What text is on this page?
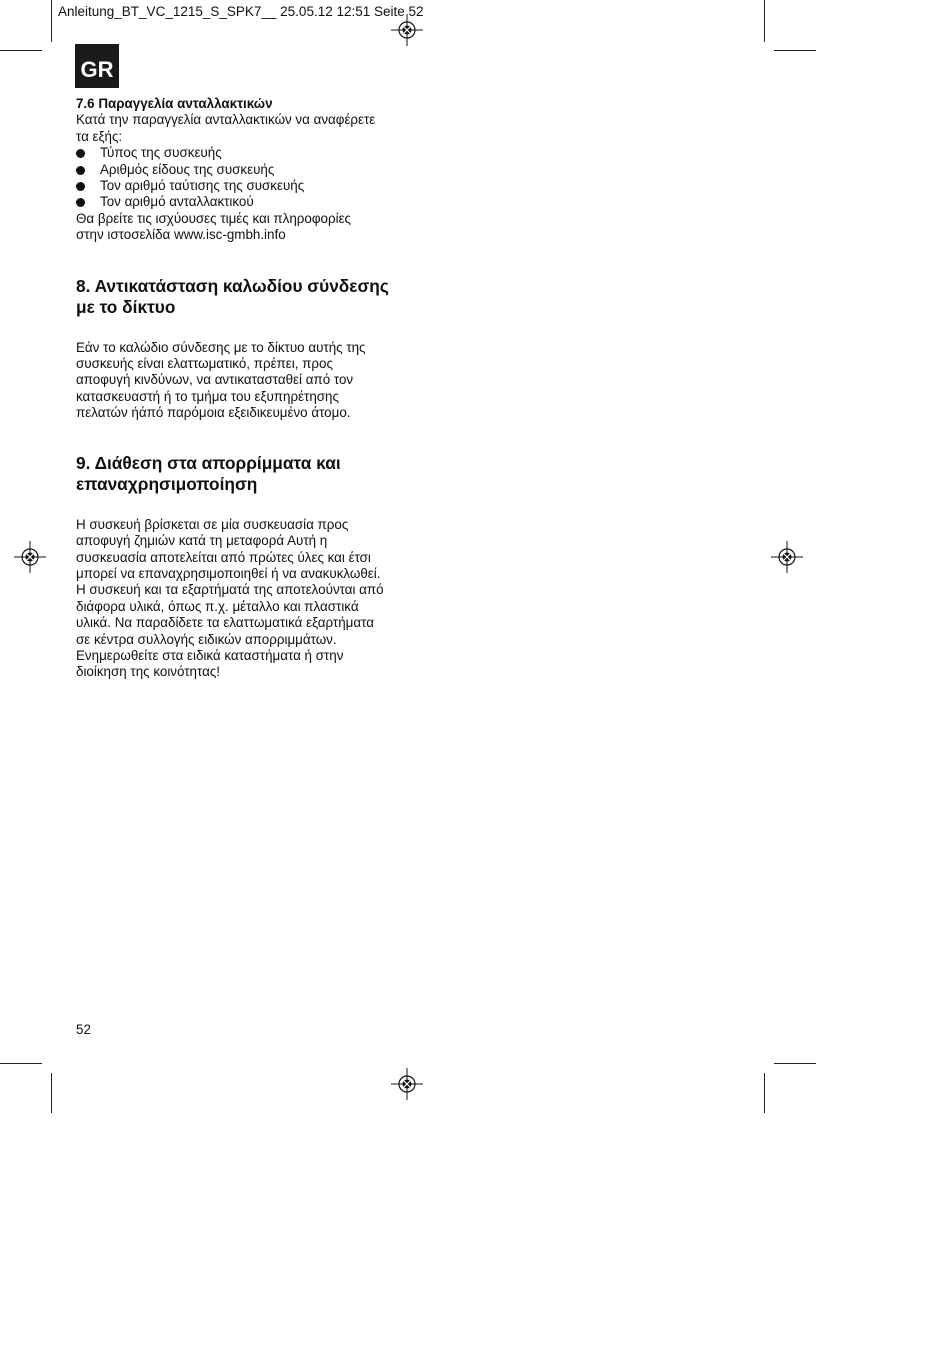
Anleitung_BT_VC_1215_S_SPK7__ 25.05.12 12:51 Seite 52
GR

7.6 Παραγγελία ανταλλακτικών

Κατά την παραγγελία ανταλλακτικών να αναφέρετε
τα εξής:

Τύπος της συσκευής
Αριθμός είδους της συσκευής
Τον αριθμό ταύτισης της συσκευής
Τον αριθμό ανταλλακτικού

Θα βρείτε τις ισχύουσες τιμές και πληροφορίες
στην ιστοσελίδα www.isc-gmbh.info

8. Αντικατάσταση καλωδίου σύνδεσης
με το δίκτυο

Εάν το καλώδιο σύνδεσης με το δίκτυο αυτής της
συσκευής είναι ελαττωματικό, πρέπει, προς
αποφυγή κινδύνων, να αντικατασταθεί από τον
κατασκευαστή ή το τμήμα του εξυπηρέτησης
πελατών ήάπό παρόμοια εξειδικευμένο άτομο.

9. Διάθεση στα απορρίμματα και
επαναχρησιμοποίηση

Η συσκευή βρίσκεται σε μία συσκευασία προς
αποφυγή ζημιών κατά τη μεταφορά Αυτή η
συσκευασία αποτελείται από πρώτες ύλες και έτσι
μπορεί να επαναχρησιμοποιηθεί ή να ανακυκλωθεί.
Η συσκευή και τα εξαρτήματά της αποτελούνται από
διάφορα υλικά, όπως π.χ. μέταλλο και πλαστικά
υλικά. Να παραδίδετε τα ελαττωματικά εξαρτήματα
σε κέντρα συλλογής ειδικών απορριμμάτων.
Ενημερωθείτε στα ειδικά καταστήματα ή στην
διοίκηση της κοινότητας!

52
